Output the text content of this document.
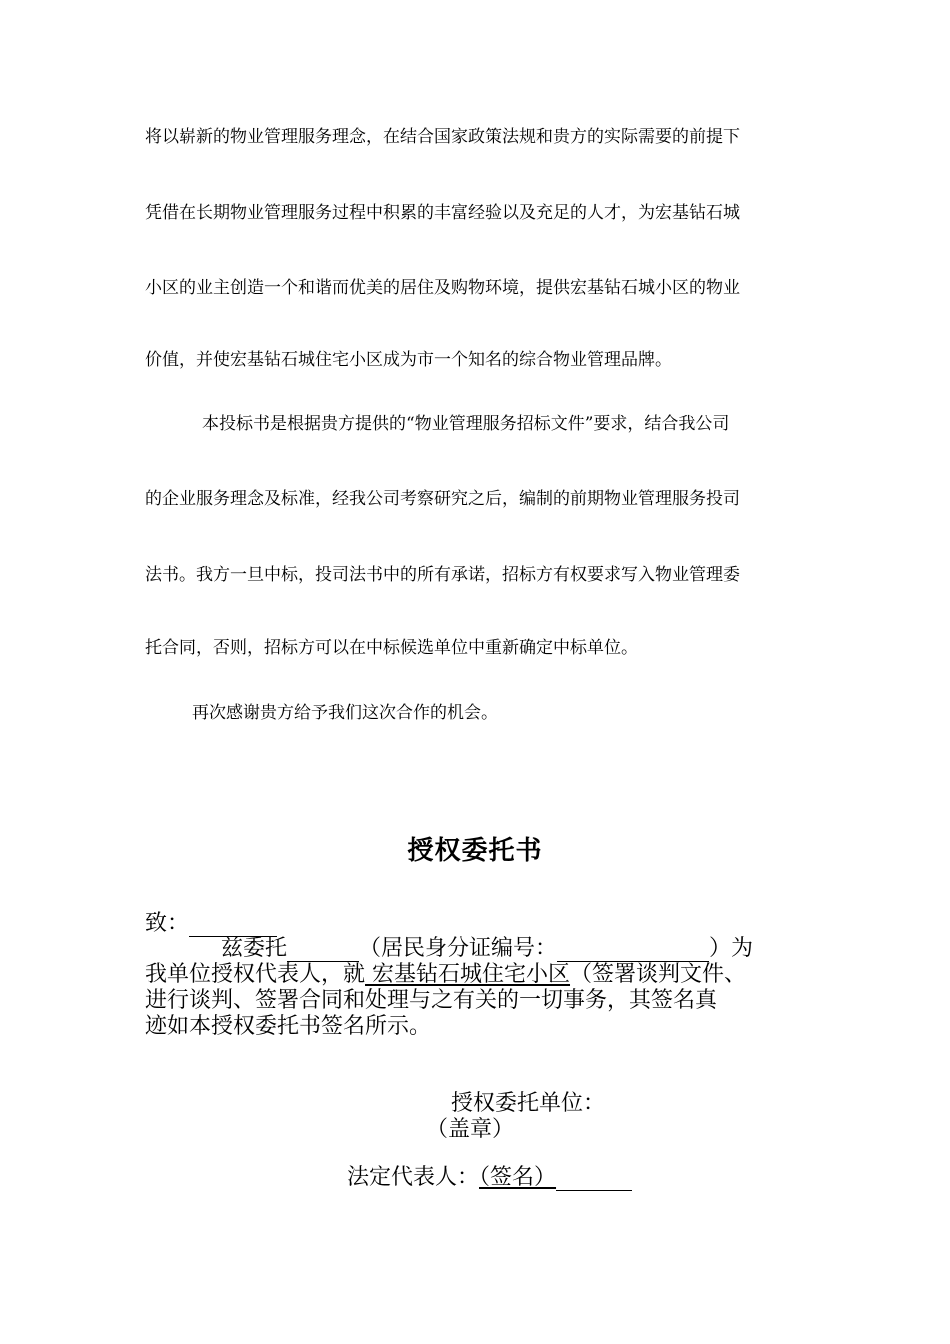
将以崭新的物业管理服务理念，在结合国家政策法规和贵方的实际需要的前提下
凭借在长期物业管理服务过程中积累的丰富经验以及充足的人才，为宏基钻石城
小区的业主创造一个和谐而优美的居住及购物环境，提供宏基钻石城小区的物业
价值，并使宏基钻石城住宅小区成为市一个知名的综合物业管理品牌。
本投标书是根据贵方提供的“物业管理服务招标文件”要求，结合我公司
的企业服务理念及标准，经我公司考察研究之后，编制的前期物业管理服务投司
法书。我方一旦中标，投司法书中的所有承诺，招标方有权要求写入物业管理委
托合同，否则，招标方可以在中标候选单位中重新确定中标单位。
再次感谢贵方给予我们这次合作的机会。
授权委托书
致：
兹委托	（居民身分证编号：	）为
我单位授权代表人，就 宏基钻石城住宅小区（签署谈判文件、
进行谈判、签署合同和处理与之有关的一切事务，其签名真
迹如本授权委托书签名所示。
授权委托单位：
（盖章）
法定代表人：（签名）
